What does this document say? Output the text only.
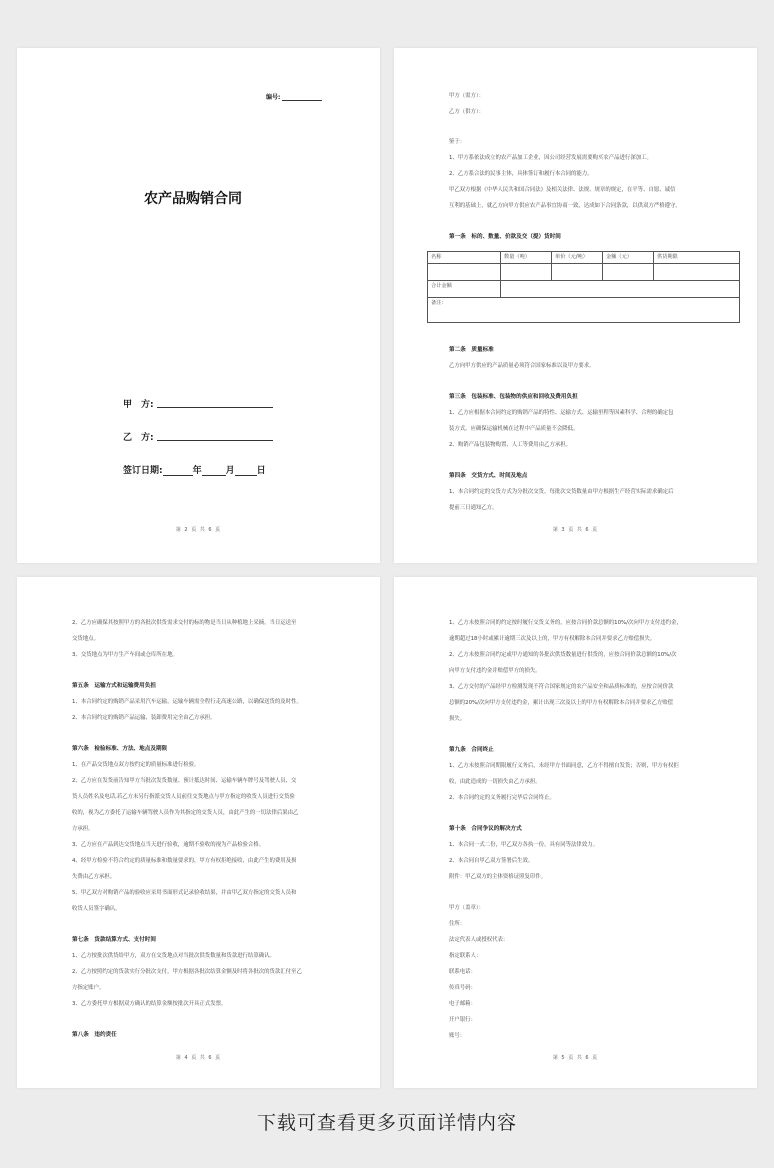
编号:
农产品购销合同
甲　方:
乙　方:
签订日期:	年	月 日
第 2 页 共 6 页
甲方（需方）：
乙方（供方）：
鉴于：
1、甲方系依法成立的农产品加工企业，因公司经营发展需要购买农产品进行深加工。
2、乙方系合法的民事主体，具体签订和履行本合同的能力。
甲乙双方根据《中华人民共和国合同法》及相关法律、法规、规章的规定，在平等、自愿、诚信
互利的基础上，就乙方向甲方供应农产品事宜协商一致，达成如下合同条款，以供双方严格遵守。
第一条　标的、数量、价款及交（提）货时间
名称	数量（吨）	单价（元/吨）	金额（元）	供货期限

合计金额				
备注：				
第二条　质量标准
乙方向甲方供应的产品质量必须符合国家标准以及甲方要求。
第三条　包装标准、包装物的供应和回收及费用负担
1、乙方应根据本合同约定的购销产品的特性、运输方式、运输里程等因素科学、合理的确定包
装方式，应确保运输机械在过程中产品质量不会降低。
2、购销产品包装物购置、人工等费用由乙方承担。
第四条　交货方式、时间及地点
1、本合同约定的交货方式为分批次交货，每批次交货数量由甲方根据生产经营实际需求确定后
提前三日通知乙方。
第 3 页 共 6 页
2、乙方应确保其按照甲方的各批次供货需求交付的标的物是当日从种植地上采摘，当日运送至
交货地点。
3、交货地点为甲方生产车间或仓库所在地。
第五条　运输方式和运输费用负担
1、本合同约定的购销产品采用汽车运输，运输车辆需全程行走高速公路，以确保送货的及时性。
2、本合同约定的购销产品运输、装卸费用完全由乙方承担。
第六条　检验标准、方法、地点及期限
1、在产品交货地点双方按约定的质量标准进行检验。
2、乙方应在发货前告知甲方当批次发货数量、预计抵达时间、运输车辆车牌号及驾驶人员、交
货人员姓名及电话,若乙方未另行指派交货人员前往交货地点与甲方指定的收货人员进行交货验
收的，视为乙方委托了运输车辆驾驶人员作为其指定的交货人员，由此产生的一切法律后果由乙
方承担。
3、乙方应在产品到达交货地点当天进行验收，逾期不验收的视为产品检验合格。
4、经甲方检验不符合约定的质量标准和数量要求的，甲方有权拒绝接收，由此产生的费用及损
失费由乙方承担。
5、甲乙双方对购销产品的验收应采用书面形式记录验收结果，并由甲乙双方指定的交货人员和
收货人员签字确认。
第七条　货款结算方式、支付时间
1、乙方按批次供货给甲方，双方在交货地点对当批次供货数量和货款进行结算确认。
2、乙方按照约定的货款实行分批次支付，甲方根据各批次结算金额及时将各批次的货款汇付至乙
方指定账户。
3、乙方委托甲方根据双方确认的结算金额按批次开具正式发票。
第八条　违约责任
第 4 页 共 6 页
1、乙方未按照合同的约定按时履行交货义务的，应按合同价款总额的10%/次向甲方支付违约金，
逾期超过18小时或累计逾期三次及以上的，甲方有权解除本合同并要求乙方赔偿损失。
2、乙方未按照合同约定或甲方通知的各批次供货数量进行供货的，应按合同价款总额的10%/次
向甲方支付违约金并赔偿甲方的损失。
3、乙方交付的产品经甲方检测发现不符合国家规定的农产品安全和品质标准的，应按合同价款
总额的20%/次向甲方支付违约金，累计出现三次及以上的甲方有权解除本合同并要求乙方赔偿
损失。
第九条　合同终止
1、乙方未按照合同期限履行义务后，未经甲方书面同意，乙方不得擅自发货；否则，甲方有权拒
收，由此造成的一切损失由乙方承担。
2、本合同约定的义务履行完毕后合同终止。
第十条　合同争议的解决方式
1、本合同一式二份，甲乙双方各执一份，具有同等法律效力。
2、本合同自甲乙双方签署后生效。
附件：甲乙双方的主体资格证照复印件。
甲方（盖章）：
住所：
法定代表人或授权代表：
指定联系人：
联系电话：
传真号码：
电子邮箱：
开户银行：
账号：
第 5 页 共 6 页
下载可查看更多页面详情内容
